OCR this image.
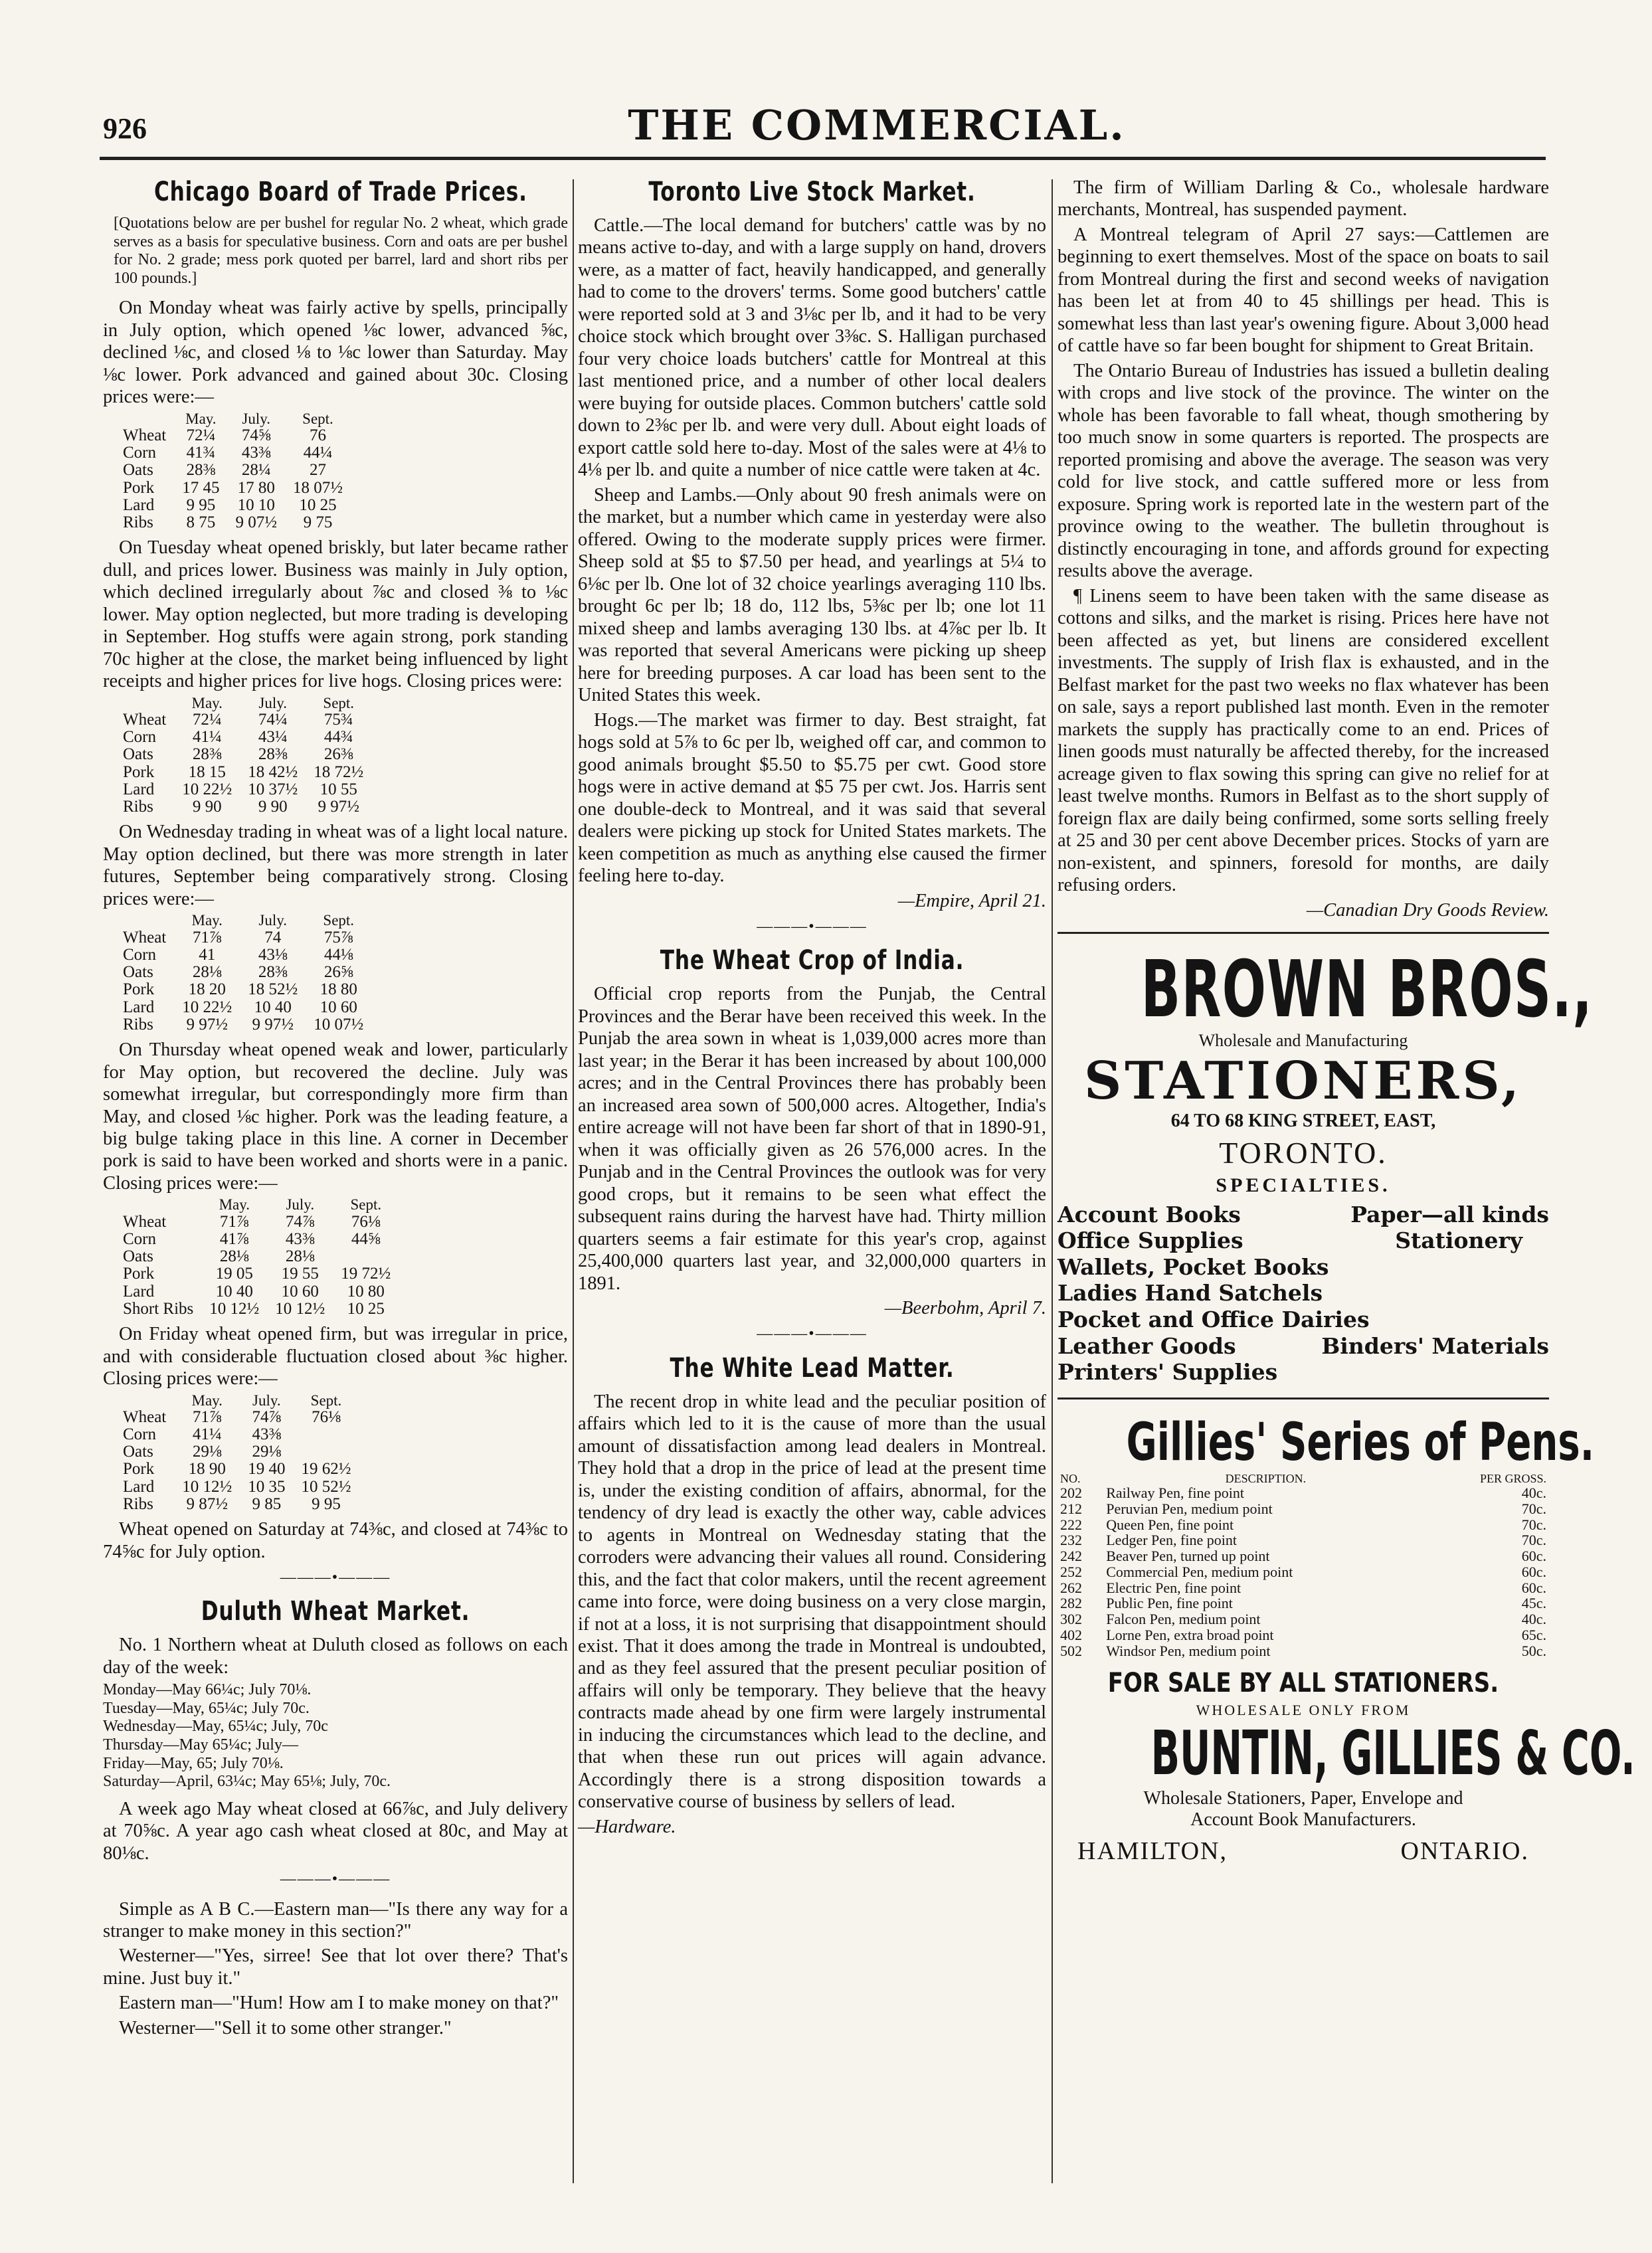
926	THE COMMERCIAL.
Chicago Board of Trade Prices.
[Quotations below are per bushel for regular No. 2 wheat, which grade serves as a basis for speculative business. Corn and oats are per bushel for No. 2 grade; mess pork quoted per barrel, lard and short ribs per 100 pounds.]

On Monday wheat was fairly active by spells, principally in July option, which opened ⅛c lower, advanced ⅝c, declined ⅛c, and closed ⅛ to ⅛c lower than Saturday. May ⅛c lower. Pork advanced and gained about 30c. Closing prices were:—

	May.	July.	Sept.
Wheat	72¼	74⅝	76
Corn	41¾	43⅜	44¼
Oats	28⅜	28¼	27
Pork	17 45	17 80	18 07½
Lard	9 95	10 10	10 25
Ribs	8 75	9 07½	9 75

On Tuesday wheat opened briskly, but later became rather dull, and prices lower. Business was mainly in July option, which declined irregularly about ⅞c and closed ⅜ to ⅛c lower. May option neglected, but more trading is developing in September. Hog stuffs were again strong, pork standing 70c higher at the close, the market being influenced by light receipts and higher prices for live hogs. Closing prices were:

	May.	July.	Sept.
Wheat	72¼	74¼	75¾
Corn	41¼	43¼	44¾
Oats	28⅜	28⅜	26⅜
Pork	18 15	18 42½	18 72½
Lard	10 22½	10 37½	10 55
Ribs	9 90	9 90	9 97½

On Wednesday trading in wheat was of a light local nature. May option declined, but there was more strength in later futures, September being comparatively strong. Closing prices were:—

	May.	July.	Sept.
Wheat	71⅞	74	75⅞
Corn	41	43⅛	44⅛
Oats	28⅛	28⅜	26⅝
Pork	18 20	18 52½	18 80
Lard	10 22½	10 40	10 60
Ribs	9 97½	9 97½	10 07½

On Thursday wheat opened weak and lower, particularly for May option, but recovered the decline. July was somewhat irregular, but correspondingly more firm than May, and closed ⅛c higher. Pork was the leading feature, a big bulge taking place in this line. A corner in December pork is said to have been worked and shorts were in a panic. Closing prices were:—

	May.	July.	Sept.
Wheat	71⅞	74⅞	76⅛
Corn	41⅞	43⅜	44⅝
Oats	28⅛	28⅛	
Pork	19 05	19 55	19 72½
Lard	10 40	10 60	10 80
Short Ribs	10 12½	10 12½	10 25

On Friday wheat opened firm, but was irregular in price, and with considerable fluctuation closed about ⅜c higher. Closing prices were:—

	May.	July.	Sept.
Wheat	71⅞	74⅞	76⅛
Corn	41¼	43⅜	
Oats	29⅛	29⅛	
Pork	18 90	19 40	19 62½
Lard	10 12½	10 35	10 52½
Ribs	9 87½	9 85	9 95

Wheat opened on Saturday at 74⅜c, and closed at 74⅜c to 74⅝c for July option.

———•———
Duluth Wheat Market.

No. 1 Northern wheat at Duluth closed as follows on each day of the week:

Monday—May 66¼c; July 70⅛.
Tuesday—May, 65¼c; July 70c.
Wednesday—May, 65¼c; July, 70c
Thursday—May 65¼c; July—
Friday—May, 65; July 70⅛.
Saturday—April, 63¼c; May 65⅛; July, 70c.

A week ago May wheat closed at 66⅞c, and July delivery at 70⅝c. A year ago cash wheat closed at 80c, and May at 80⅛c.

———•———

Simple as A B C.—Eastern man—"Is there any way for a stranger to make money in this section?"

Westerner—"Yes, sirree! See that lot over there? That's mine. Just buy it."

Eastern man—"Hum! How am I to make money on that?"

Westerner—"Sell it to some other stranger."

Toronto Live Stock Market.

Cattle.—The local demand for butchers' cattle was by no means active to-day, and with a large supply on hand, drovers were, as a matter of fact, heavily handicapped, and generally had to come to the drovers' terms. Some good butchers' cattle were reported sold at 3 and 3⅛c per lb, and it had to be very choice stock which brought over 3⅜c. S. Halligan purchased four very choice loads butchers' cattle for Montreal at this last mentioned price, and a number of other local dealers were buying for outside places. Common butchers' cattle sold down to 2⅜c per lb. and were very dull. About eight loads of export cattle sold here to-day. Most of the sales were at 4⅛ to 4⅛ per lb. and quite a number of nice cattle were taken at 4c.

Sheep and Lambs.—Only about 90 fresh animals were on the market, but a number which came in yesterday were also offered. Owing to the moderate supply prices were firmer. Sheep sold at $5 to $7.50 per head, and yearlings at 5¼ to 6⅛c per lb. One lot of 32 choice yearlings averaging 110 lbs. brought 6c per lb; 18 do, 112 lbs, 5⅜c per lb; one lot 11 mixed sheep and lambs averaging 130 lbs. at 4⅞c per lb. It was reported that several Americans were picking up sheep here for breeding purposes. A car load has been sent to the United States this week.

Hogs.—The market was firmer to day. Best straight, fat hogs sold at 5⅞ to 6c per lb, weighed off car, and common to good animals brought $5.50 to $5.75 per cwt. Good store hogs were in active demand at $5 75 per cwt. Jos. Harris sent one double-deck to Montreal, and it was said that several dealers were picking up stock for United States markets. The keen competition as much as anything else caused the firmer feeling here to-day.

—Empire, April 21.

———•———
The Wheat Crop of India.

Official crop reports from the Punjab, the Central Provinces and the Berar have been received this week. In the Punjab the area sown in wheat is 1,039,000 acres more than last year; in the Berar it has been increased by about 100,000 acres; and in the Central Provinces there has probably been an increased area sown of 500,000 acres. Altogether, India's entire acreage will not have been far short of that in 1890-91, when it was officially given as 26 576,000 acres. In the Punjab and in the Central Provinces the outlook was for very good crops, but it remains to be seen what effect the subsequent rains during the harvest have had. Thirty million quarters seems a fair estimate for this year's crop, against 25,400,000 quarters last year, and 32,000,000 quarters in 1891.

—Beerbohm, April 7.

———•———
The White Lead Matter.

The recent drop in white lead and the peculiar position of affairs which led to it is the cause of more than the usual amount of dissatisfaction among lead dealers in Montreal. They hold that a drop in the price of lead at the present time is, under the existing condition of affairs, abnormal, for the tendency of dry lead is exactly the other way, cable advices to agents in Montreal on Wednesday stating that the corroders were advancing their values all round. Considering this, and the fact that color makers, until the recent agreement came into force, were doing business on a very close margin, if not at a loss, it is not surprising that disappointment should exist. That it does among the trade in Montreal is undoubted, and as they feel assured that the present peculiar position of affairs will only be temporary. They believe that the heavy contracts made ahead by one firm were largely instrumental in inducing the circumstances which lead to the decline, and that when these run out prices will again advance. Accordingly there is a strong disposition towards a conservative course of business by sellers of lead.

—Hardware.

The firm of William Darling & Co., wholesale hardware merchants, Montreal, has suspended payment.

A Montreal telegram of April 27 says:—Cattlemen are beginning to exert themselves. Most of the space on boats to sail from Montreal during the first and second weeks of navigation has been let at from 40 to 45 shillings per head. This is somewhat less than last year's owening figure. About 3,000 head of cattle have so far been bought for shipment to Great Britain.

The Ontario Bureau of Industries has issued a bulletin dealing with crops and live stock of the province. The winter on the whole has been favorable to fall wheat, though smothering by too much snow in some quarters is reported. The prospects are reported promising and above the average. The season was very cold for live stock, and cattle suffered more or less from exposure. Spring work is reported late in the western part of the province owing to the weather. The bulletin throughout is distinctly encouraging in tone, and affords ground for expecting results above the average.

¶ Linens seem to have been taken with the same disease as cottons and silks, and the market is rising. Prices here have not been affected as yet, but linens are considered excellent investments. The supply of Irish flax is exhausted, and in the Belfast market for the past two weeks no flax whatever has been on sale, says a report published last month. Even in the remoter markets the supply has practically come to an end. Prices of linen goods must naturally be affected thereby, for the increased acreage given to flax sowing this spring can give no relief for at least twelve months. Rumors in Belfast as to the short supply of foreign flax are daily being confirmed, some sorts selling freely at 25 and 30 per cent above December prices. Stocks of yarn are non-existent, and spinners, foresold for months, are daily refusing orders.

—Canadian Dry Goods Review.

BROWN BROS.,
Wholesale and Manufacturing
STATIONERS,
64 TO 68 KING STREET, EAST,
TORONTO.
SPECIALTIES.
Account Books	Paper—all kinds
Office Supplies	Stationery
Wallets, Pocket Books
Ladies Hand Satchels
Pocket and Office Dairies
Leather Goods	Binders' Materials
Printers' Supplies
Gillies' Series of Pens.
NO.	DESCRIPTION.	PER GROSS.
202	Railway Pen, fine point	40c.
212	Peruvian Pen, medium point	70c.
222	Queen Pen, fine point	70c.
232	Ledger Pen, fine point	70c.
242	Beaver Pen, turned up point	60c.
252	Commercial Pen, medium point	60c.
262	Electric Pen, fine point	60c.
282	Public Pen, fine point	45c.
302	Falcon Pen, medium point	40c.
402	Lorne Pen, extra broad point	65c.
502	Windsor Pen, medium point	50c.
FOR SALE BY ALL STATIONERS.
WHOLESALE ONLY FROM
BUNTIN, GILLIES & CO.
Wholesale Stationers, Paper, Envelope and
Account Book Manufacturers.
HAMILTON,	ONTARIO.
